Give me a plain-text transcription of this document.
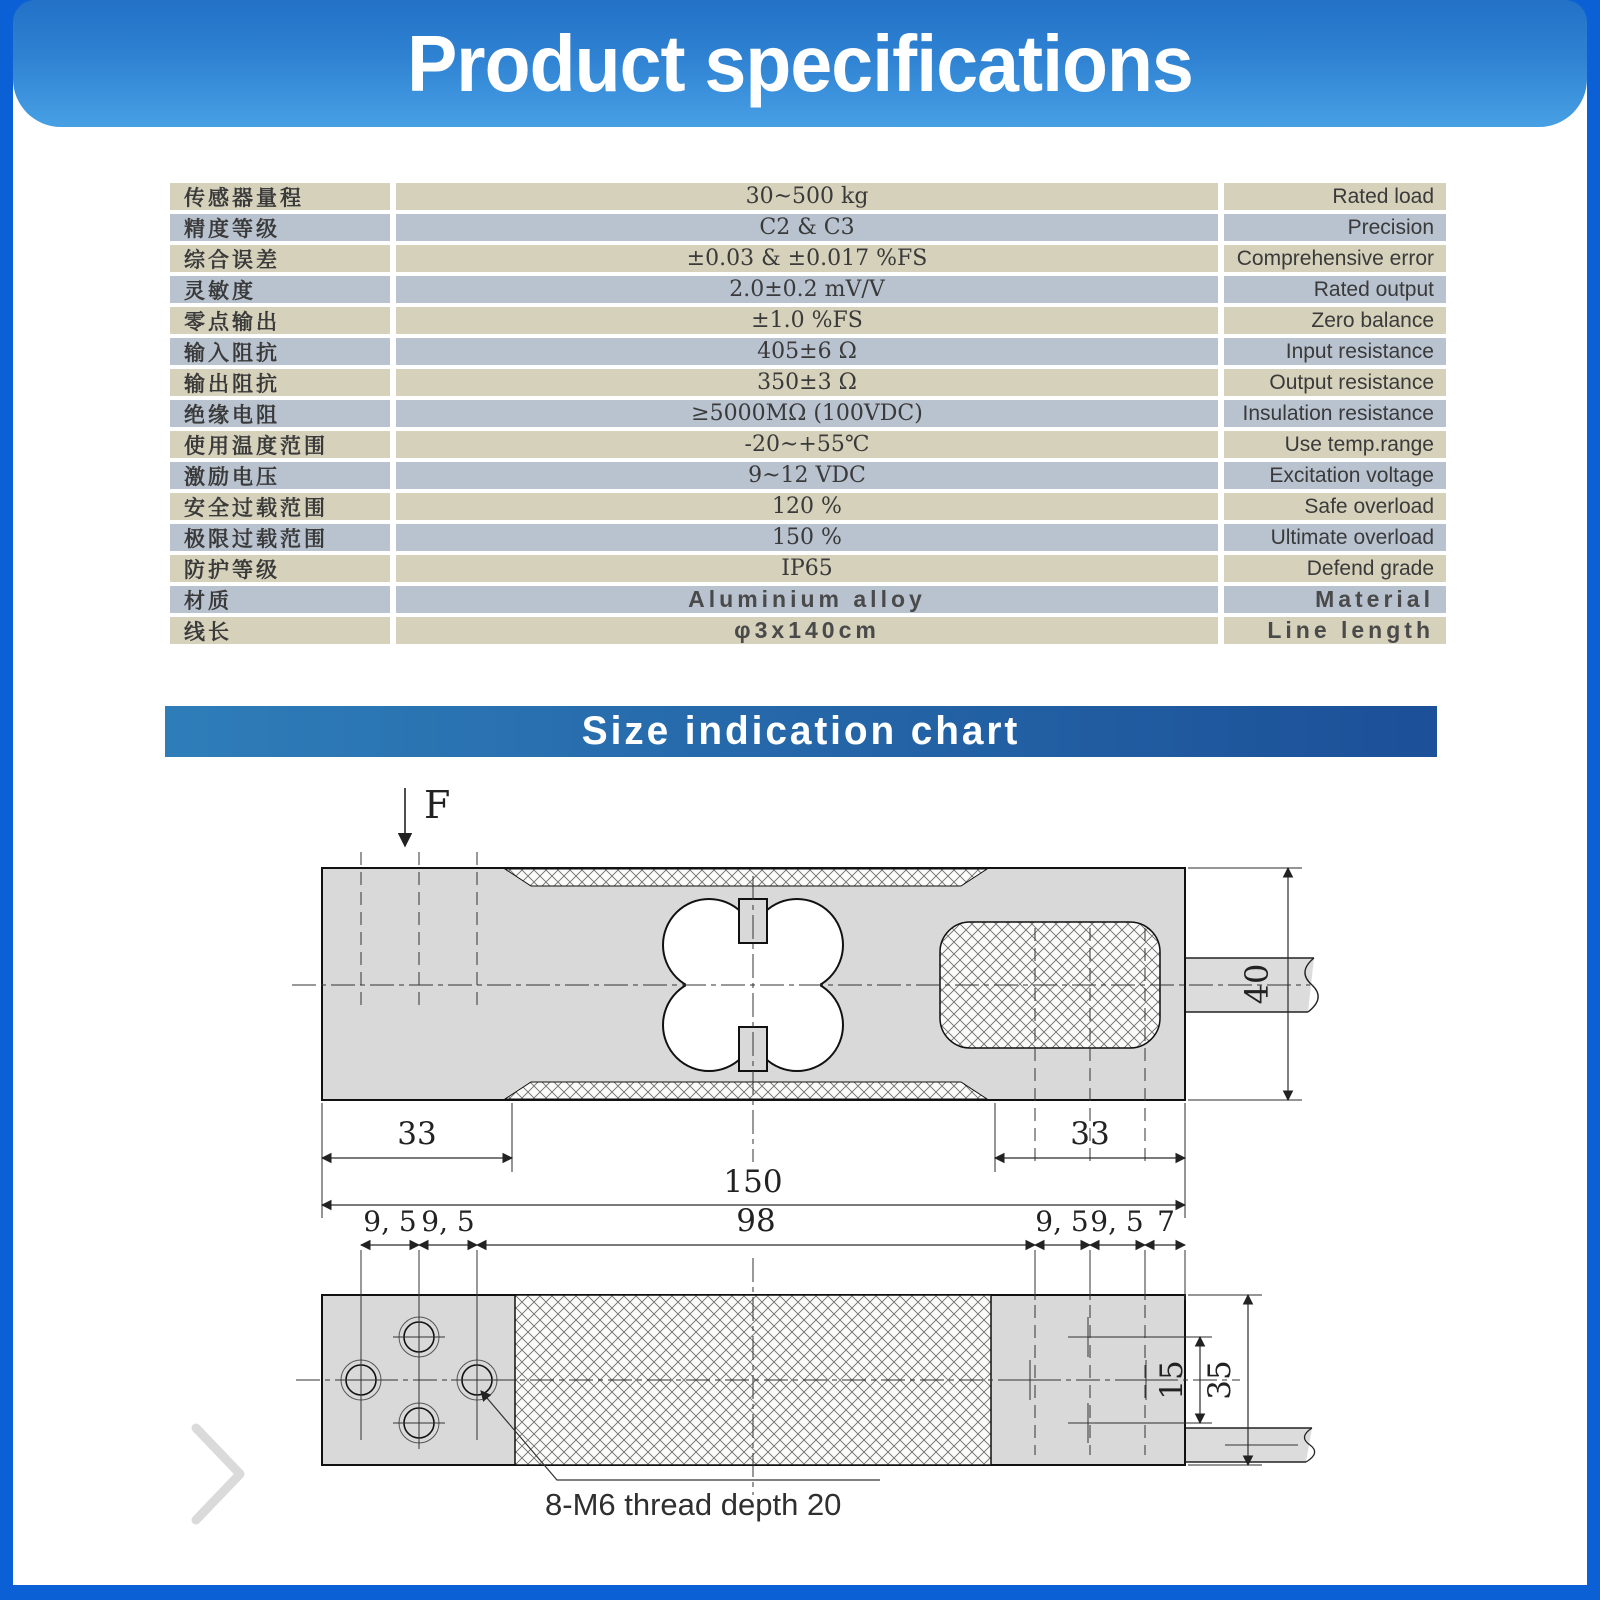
Product specifications
传感器量程	30~500 kg	Rated load
精度等级	C2 & C3	Precision
综合误差	±0.03 & ±0.017 %FS	Comprehensive error
灵敏度	2.0±0.2 mV/V	Rated output
零点输出	±1.0 %FS	Zero balance
输入阻抗	405±6 Ω	Input resistance
输出阻抗	350±3 Ω	Output resistance
绝缘电阻	≥5000MΩ (100VDC)	Insulation resistance
使用温度范围	-20~+55℃	Use temp.range
激励电压	9~12 VDC	Excitation voltage
安全过载范围	120 %	Safe overload
极限过载范围	150 %	Ultimate overload
防护等级	IP65	Defend grade
材质	Aluminium alloy	Material
线长	φ3x140cm	Line length
Size indication chart
F
40
33	33
150
9, 5 9, 5	98	9, 5 9, 5 7
15 35
8-M6 thread depth 20
